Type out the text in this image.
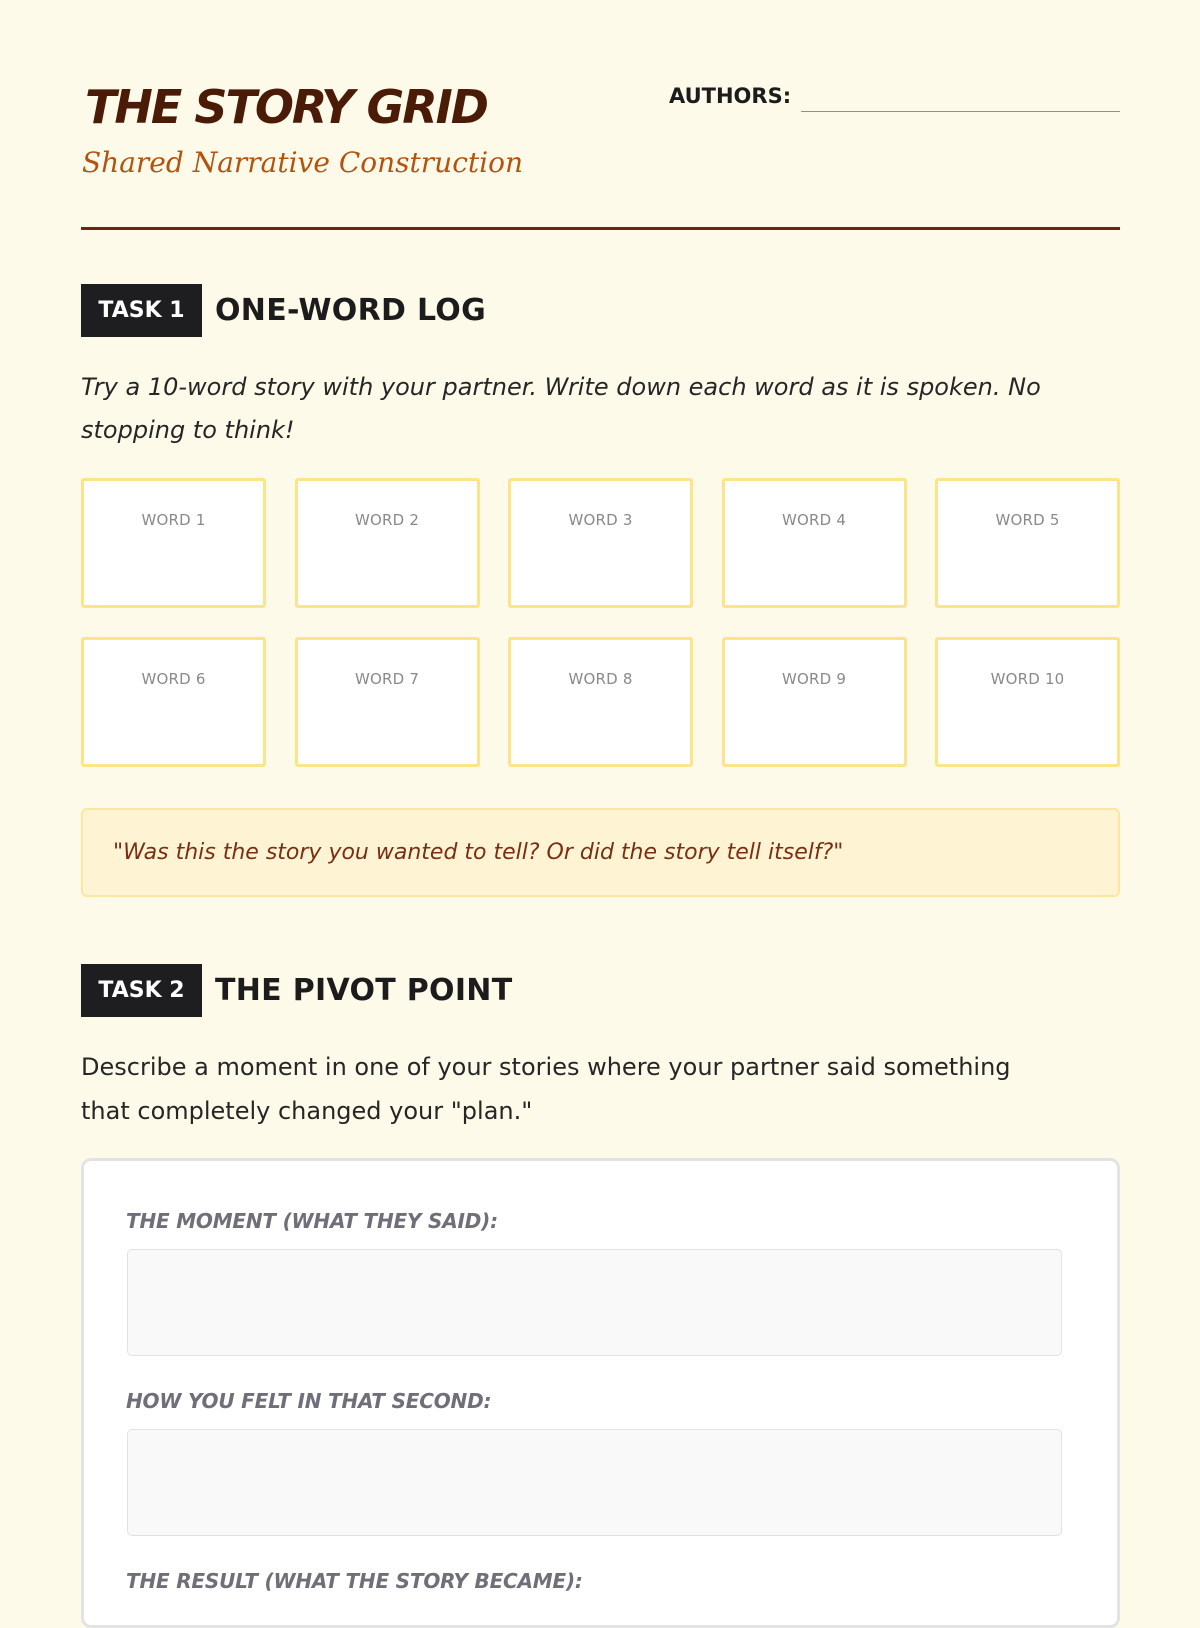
THE STORY GRID
Shared Narrative Construction
AUTHORS:
TASK 1	ONE-WORD LOG
Try a 10-word story with your partner. Write down each word as it is spoken. No stopping to think!
WORD 1	WORD 2	WORD 3	WORD 4	WORD 5
WORD 6	WORD 7	WORD 8	WORD 9	WORD 10
"Was this the story you wanted to tell? Or did the story tell itself?"
TASK 2	THE PIVOT POINT
Describe a moment in one of your stories where your partner said something that completely changed your "plan."
THE MOMENT (WHAT THEY SAID):
HOW YOU FELT IN THAT SECOND:
THE RESULT (WHAT THE STORY BECAME):
